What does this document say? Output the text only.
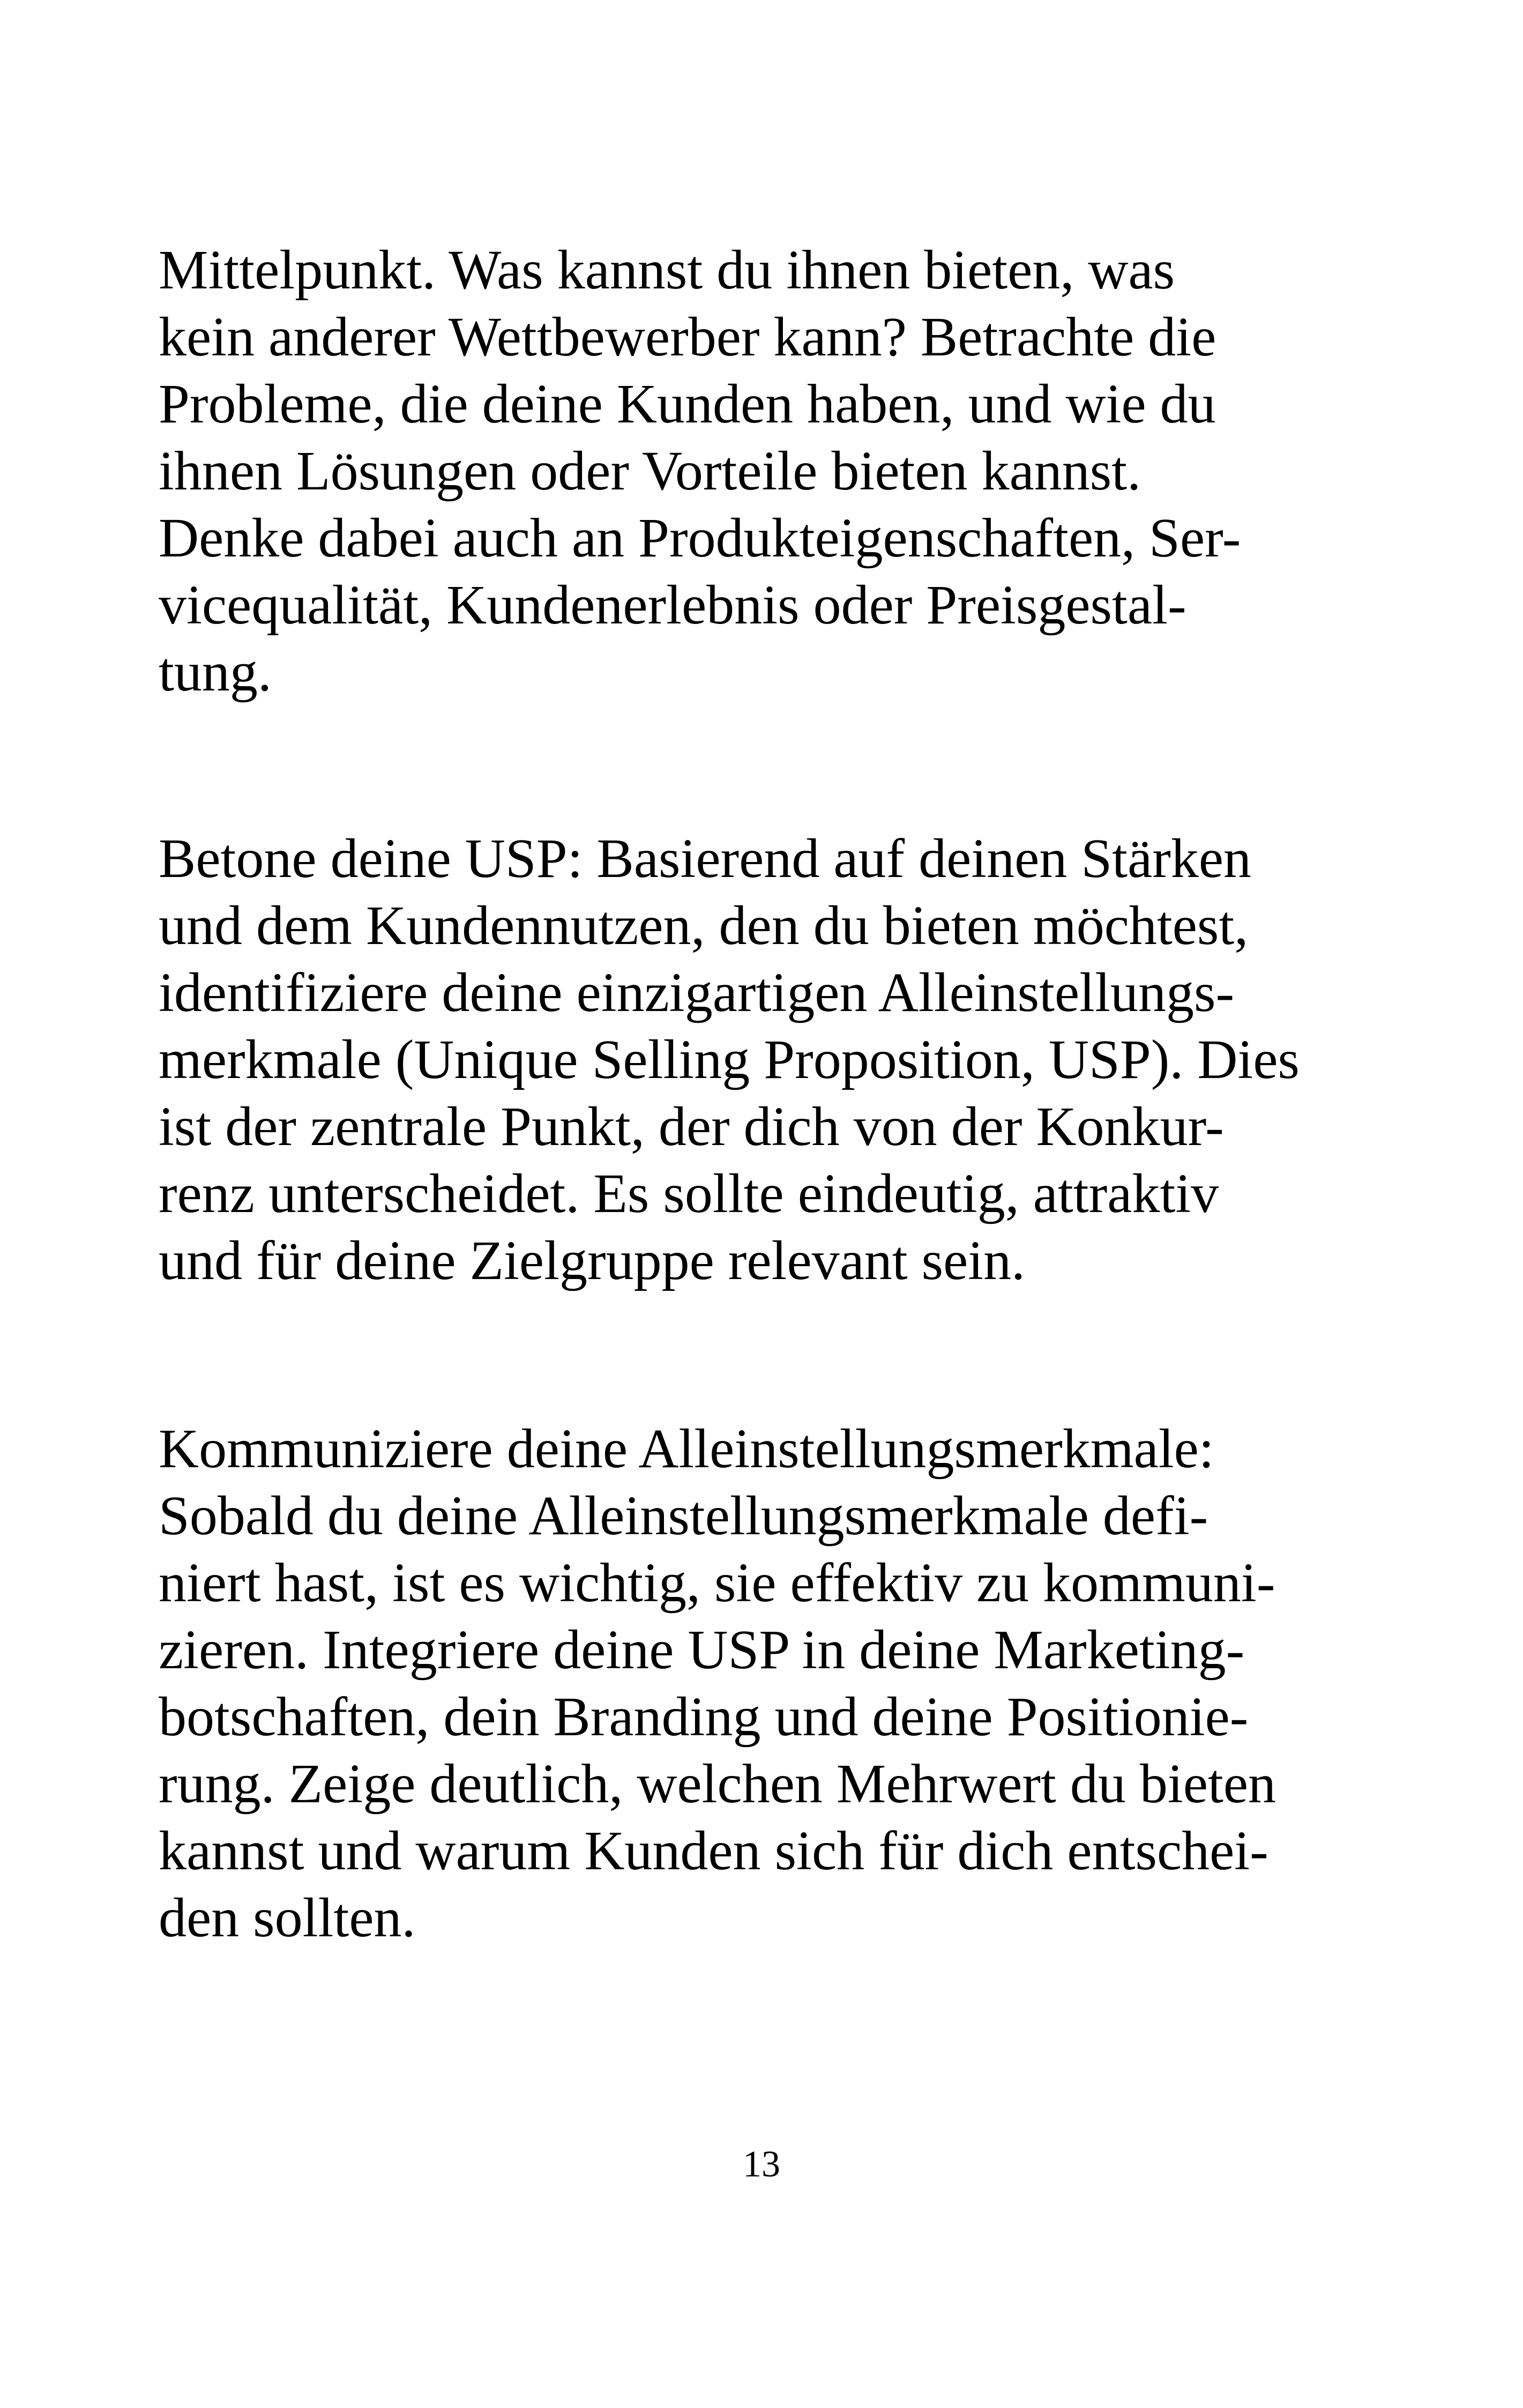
Mittelpunkt. Was kannst du ihnen bieten, was
kein anderer Wettbewerber kann? Betrachte die
Probleme, die deine Kunden haben, und wie du
ihnen Lösungen oder Vorteile bieten kannst.
Denke dabei auch an Produkteigenschaften, Ser-
vicequalität, Kundenerlebnis oder Preisgestal-
tung.

Betone deine USP: Basierend auf deinen Stärken
und dem Kundennutzen, den du bieten möchtest,
identifiziere deine einzigartigen Alleinstellungs-
merkmale (Unique Selling Proposition, USP). Dies
ist der zentrale Punkt, der dich von der Konkur-
renz unterscheidet. Es sollte eindeutig, attraktiv
und für deine Zielgruppe relevant sein.

Kommuniziere deine Alleinstellungsmerkmale:
Sobald du deine Alleinstellungsmerkmale defi-
niert hast, ist es wichtig, sie effektiv zu kommuni-
zieren. Integriere deine USP in deine Marketing-
botschaften, dein Branding und deine Positionie-
rung. Zeige deutlich, welchen Mehrwert du bieten
kannst und warum Kunden sich für dich entschei-
den sollten.

13
